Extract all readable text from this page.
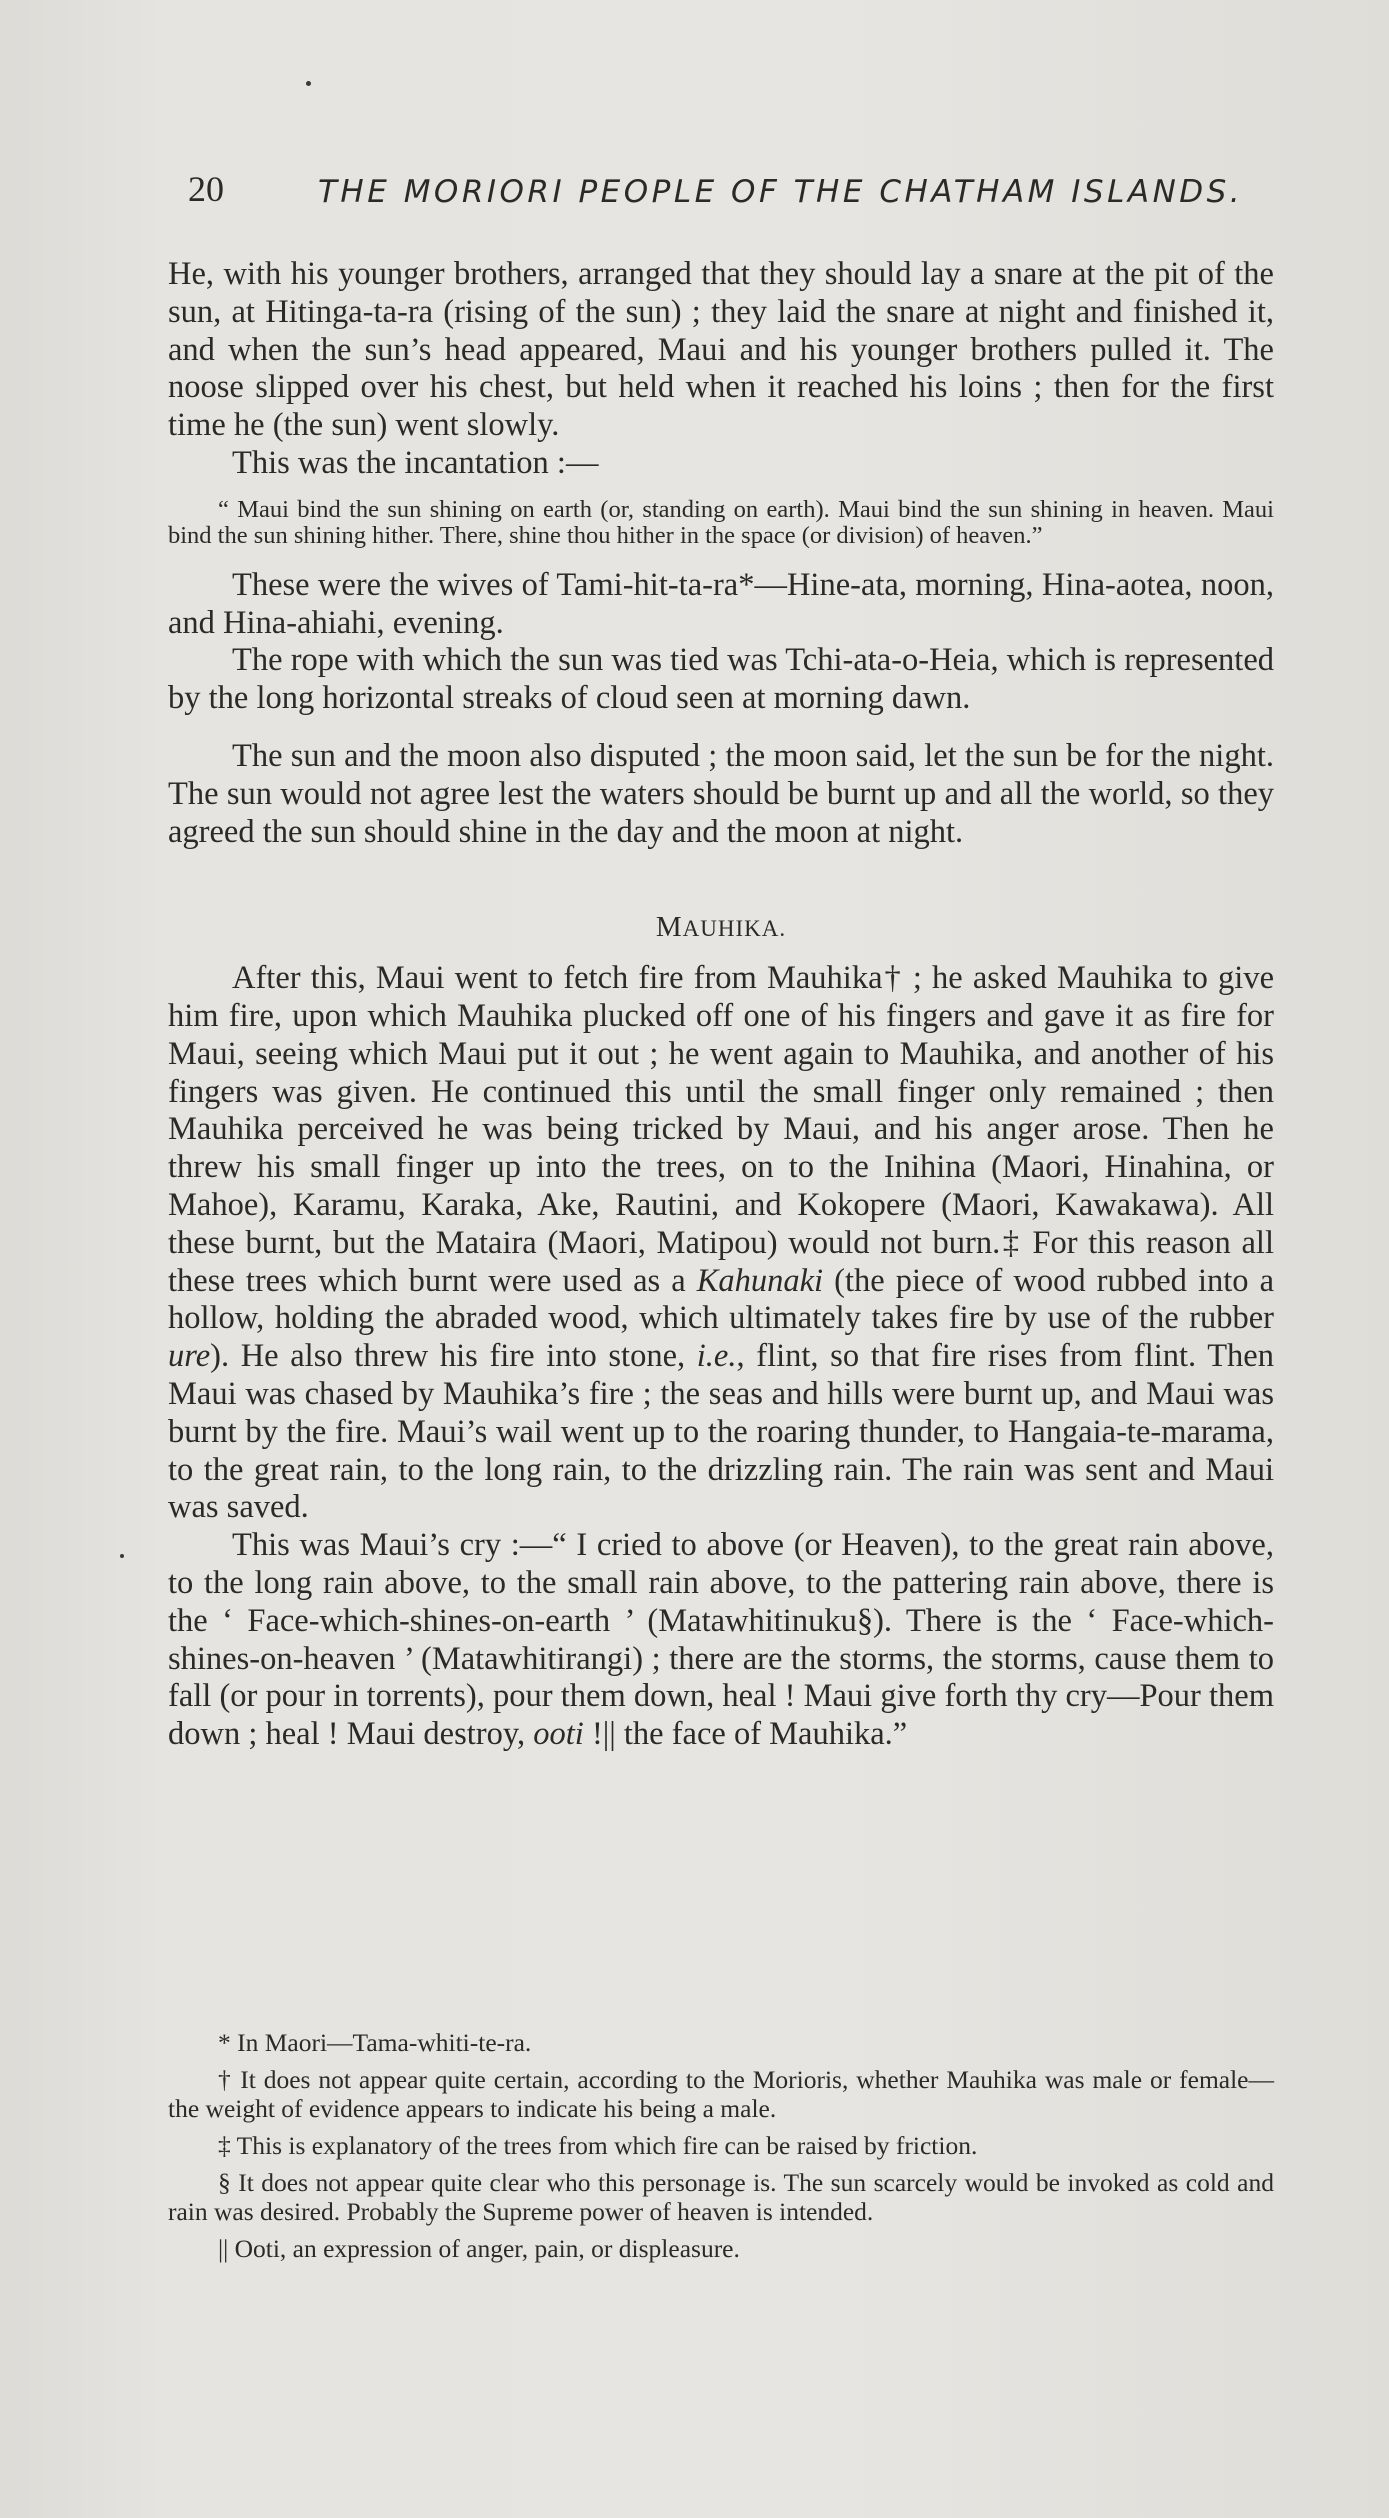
20	THE MORIORI PEOPLE OF THE CHATHAM ISLANDS.

He, with his younger brothers, arranged that they should lay a snare at the pit of the sun, at Hitinga-ta-ra (rising of the sun) ; they laid the snare at night and finished it, and when the sun’s head appeared, Maui and his younger brothers pulled it. The noose slipped over his chest, but held when it reached his loins ; then for the first time he (the sun) went slowly.

This was the incantation :—

“ Maui bind the sun shining on earth (or, standing on earth). Maui bind the sun shining in heaven. Maui bind the sun shining hither. There, shine thou hither in the space (or division) of heaven.”

These were the wives of Tami-hit-ta-ra*—Hine-ata, morning, Hina-aotea, noon, and Hina-ahiahi, evening.

The rope with which the sun was tied was Tchi-ata-o-Heia, which is represented by the long horizontal streaks of cloud seen at morning dawn.

The sun and the moon also disputed ; the moon said, let the sun be for the night. The sun would not agree lest the waters should be burnt up and all the world, so they agreed the sun should shine in the day and the moon at night.

MAUHIKA.

After this, Maui went to fetch fire from Mauhika† ; he asked Mauhika to give him fire, upon which Mauhika plucked off one of his fingers and gave it as fire for Maui, seeing which Maui put it out ; he went again to Mauhika, and another of his fingers was given. He continued this until the small finger only remained ; then Mauhika perceived he was being tricked by Maui, and his anger arose. Then he threw his small finger up into the trees, on to the Inihina (Maori, Hinahina, or Mahoe), Karamu, Karaka, Ake, Rautini, and Kokopere (Maori, Kawakawa). All these burnt, but the Mataira (Maori, Matipou) would not burn.‡ For this reason all these trees which burnt were used as a Kahunaki (the piece of wood rubbed into a hollow, holding the abraded wood, which ultimately takes fire by use of the rubber ure). He also threw his fire into stone, i.e., flint, so that fire rises from flint. Then Maui was chased by Mauhika’s fire ; the seas and hills were burnt up, and Maui was burnt by the fire. Maui’s wail went up to the roaring thunder, to Hangaia-te-marama, to the great rain, to the long rain, to the drizzling rain. The rain was sent and Maui was saved.

This was Maui’s cry :—“ I cried to above (or Heaven), to the great rain above, to the long rain above, to the small rain above, to the pattering rain above, there is the ‘ Face-which-shines-on-earth ’ (Matawhitinuku§). There is the ‘ Face-which-shines-on-heaven ’ (Matawhitirangi) ; there are the storms, the storms, cause them to fall (or pour in torrents), pour them down, heal ! Maui give forth thy cry—Pour them down ; heal ! Maui destroy, ooti !|| the face of Mauhika.”

* In Maori—Tama-whiti-te-ra.

† It does not appear quite certain, according to the Morioris, whether Mauhika was male or female—the weight of evidence appears to indicate his being a male.

‡ This is explanatory of the trees from which fire can be raised by friction.

§ It does not appear quite clear who this personage is. The sun scarcely would be invoked as cold and rain was desired. Probably the Supreme power of heaven is intended.

|| Ooti, an expression of anger, pain, or displeasure.
